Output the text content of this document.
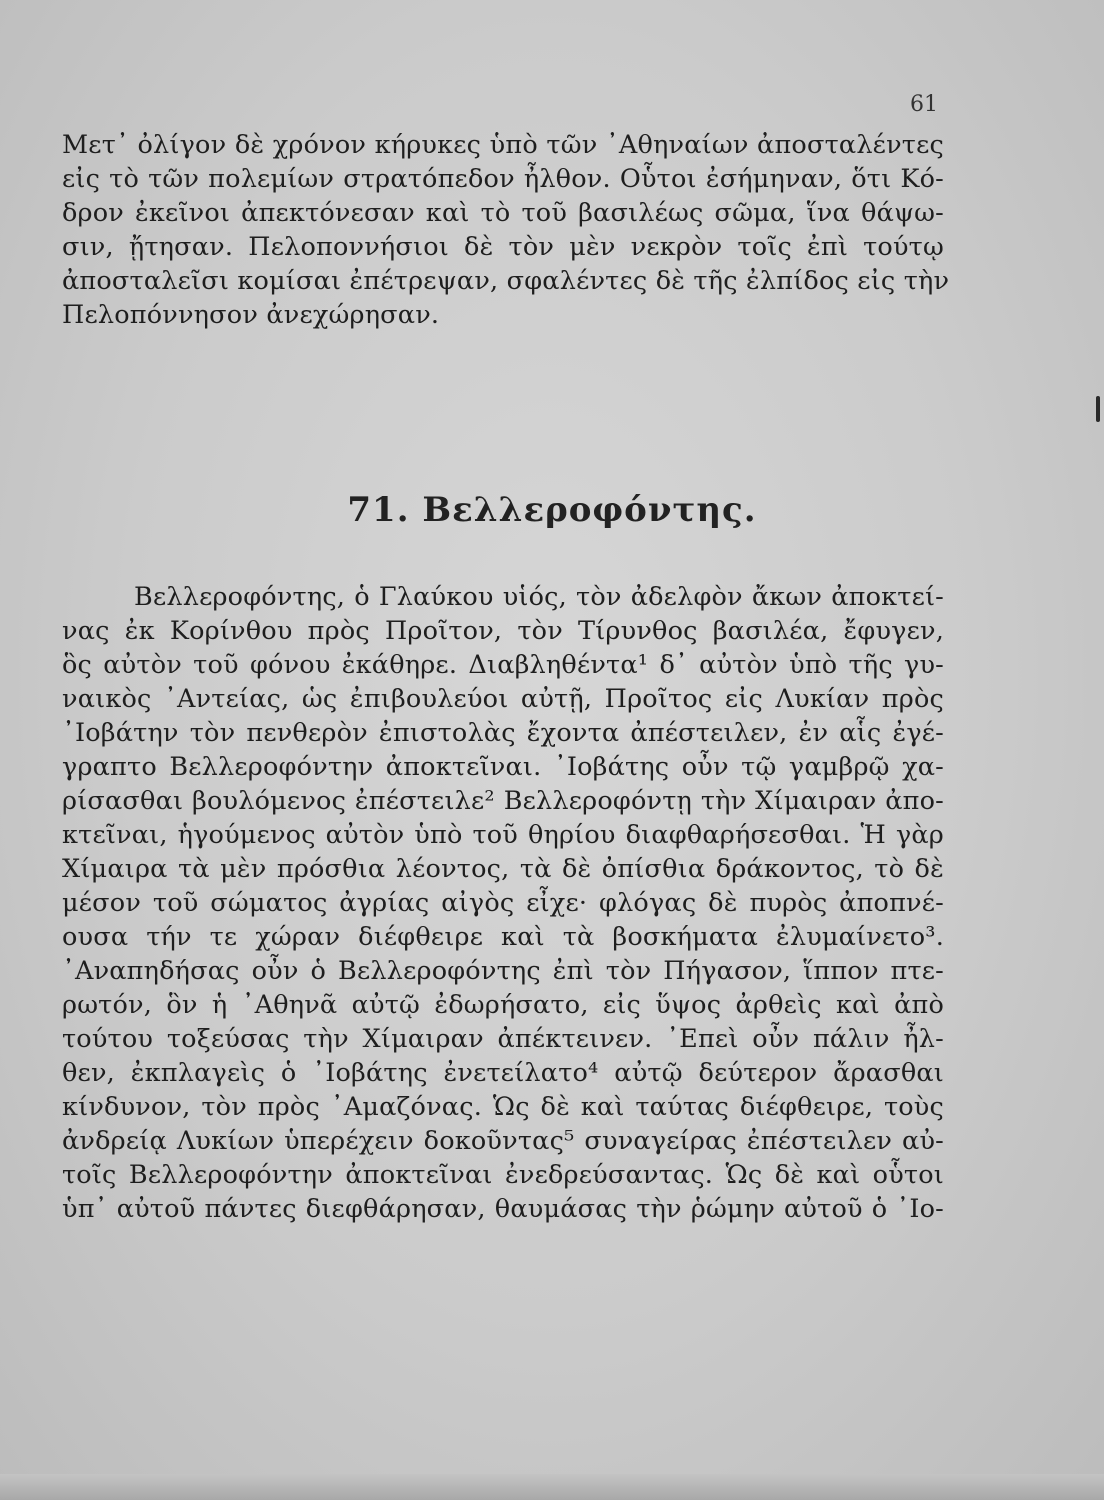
61

Μετ᾽ ὀλίγον δὲ χρόνον κήρυκες ὑπὸ τῶν ᾽Αθηναίων ἀποσταλέντες
εἰς τὸ τῶν πολεμίων στρατόπεδον ἦλθον. Οὗτοι ἐσήμηναν, ὅτι Κό-
δρον ἐκεῖνοι ἀπεκτόνεσαν καὶ τὸ τοῦ βασιλέως σῶμα, ἵνα θάψω-
σιν, ᾔτησαν. Πελοποννήσιοι δὲ τὸν μὲν νεκρὸν τοῖς ἐπὶ τούτῳ
ἀποσταλεῖσι κομίσαι ἐπέτρεψαν, σφαλέντες δὲ τῆς ἐλπίδος εἰς τὴν
Πελοπόννησον ἀνεχώρησαν.

71. Βελλεροφόντης.

Βελλεροφόντης, ὁ Γλαύκου υἱός, τὸν ἀδελφὸν ἄκων ἀποκτεί-
νας ἐκ Κορίνθου πρὸς Προῖτον, τὸν Τίρυνθος βασιλέα, ἔφυγεν,
ὃς αὐτὸν τοῦ φόνου ἐκάθηρε. Διαβληθέντα¹ δ᾽ αὐτὸν ὑπὸ τῆς γυ-
ναικὸς ᾽Αντείας, ὡς ἐπιβουλεύοι αὐτῇ, Προῖτος εἰς Λυκίαν πρὸς
᾽Ιοβάτην τὸν πενθερὸν ἐπιστολὰς ἔχοντα ἀπέστειλεν, ἐν αἷς ἐγέ-
γραπτο Βελλεροφόντην ἀποκτεῖναι. ᾽Ιοβάτης οὖν τῷ γαμβρῷ χα-
ρίσασθαι βουλόμενος ἐπέστειλε² Βελλεροφόντῃ τὴν Χίμαιραν ἀπο-
κτεῖναι, ἡγούμενος αὐτὸν ὑπὸ τοῦ θηρίου διαφθαρήσεσθαι. Ἡ γὰρ
Χίμαιρα τὰ μὲν πρόσθια λέοντος, τὰ δὲ ὀπίσθια δράκοντος, τὸ δὲ
μέσον τοῦ σώματος ἀγρίας αἰγὸς εἶχε· φλόγας δὲ πυρὸς ἀποπνέ-
ουσα τήν τε χώραν διέφθειρε καὶ τὰ βοσκήματα ἐλυμαίνετο³.
᾽Αναπηδήσας οὖν ὁ Βελλεροφόντης ἐπὶ τὸν Πήγασον, ἵππον πτε-
ρωτόν, ὃν ἡ ᾽Αθηνᾶ αὐτῷ ἐδωρήσατο, εἰς ὕψος ἀρθεὶς καὶ ἀπὸ
τούτου τοξεύσας τὴν Χίμαιραν ἀπέκτεινεν. ᾽Επεὶ οὖν πάλιν ἦλ-
θεν, ἐκπλαγεὶς ὁ ᾽Ιοβάτης ἐνετείλατο⁴ αὐτῷ δεύτερον ἄρασθαι
κίνδυνον, τὸν πρὸς ᾽Αμαζόνας. Ὡς δὲ καὶ ταύτας διέφθειρε, τοὺς
ἀνδρείᾳ Λυκίων ὑπερέχειν δοκοῦντας⁵ συναγείρας ἐπέστειλεν αὐ-
τοῖς Βελλεροφόντην ἀποκτεῖναι ἐνεδρεύσαντας. Ὡς δὲ καὶ οὗτοι
ὑπ᾽ αὐτοῦ πάντες διεφθάρησαν, θαυμάσας τὴν ῥώμην αὐτοῦ ὁ ᾽Ιο-
